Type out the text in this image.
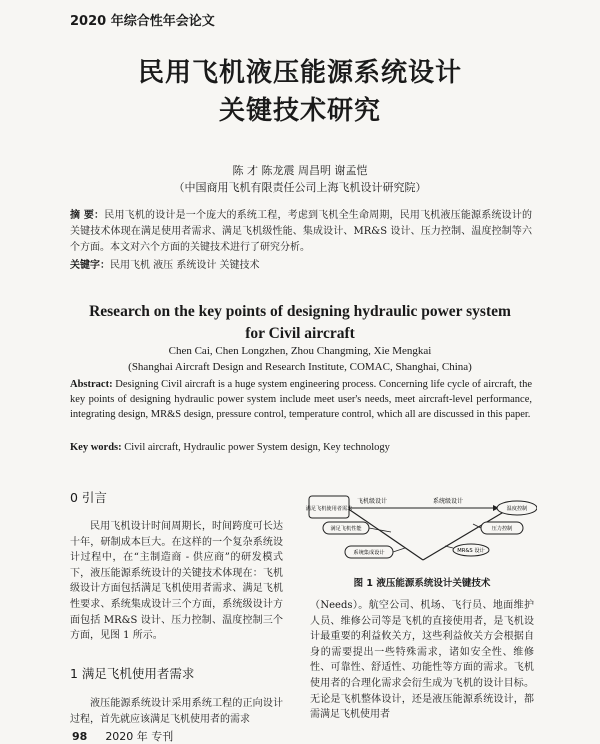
2020 年综合性年会论文
民用飞机液压能源系统设计
关键技术研究
陈 才 陈龙震 周昌明 谢孟恺
（中国商用飞机有限责任公司上海飞机设计研究院）
摘 要：民用飞机的设计是一个庞大的系统工程，考虑到飞机全生命周期，民用飞机液压能源系统设计的关键技术体现在满足使用者需求、满足飞机级性能、集成设计、MR&S 设计、压力控制、温度控制等六个方面。本文对六个方面的关键技术进行了研究分析。
关键字：民用飞机 液压 系统设计 关键技术
Research on the key points of designing hydraulic power system
for Civil aircraft
Chen Cai, Chen Longzhen, Zhou Changming, Xie Mengkai
(Shanghai Aircraft Design and Research Institute, COMAC, Shanghai, China)
Abstract: Designing Civil aircraft is a huge system engineering process. Concerning life cycle of aircraft, the key points of designing hydraulic power system include meet user's needs, meet aircraft-level performance, integrating design, MR&S design, pressure control, temperature control, which all are discussed in this paper.
Key words: Civil aircraft, Hydraulic power System design, Key technology
0 引言
民用飞机设计时间周期长，时间跨度可长达十年，研制成本巨大。在这样的一个复杂系统设计过程中，在“主制造商 - 供应商”的研发模式下，液压能源系统设计的关键技术体现在：飞机级设计方面包括满足飞机使用者需求、满足飞机性要求、系统集成设计三个方面，系统级设计方面包括 MR&S 设计、压力控制、温度控制三个方面，见图 1 所示。
1 满足飞机使用者需求
液压能源系统设计采用系统工程的正向设计过程，首先就应该满足飞机使用者的需求
满足飞机使用者需求
飞机级设计	系统级设计
温度控制
满足飞机性能	压力控制
系统集成设计	MR&S 设计
图 1 液压能源系统设计关键技术
（Needs）。航空公司、机场、飞行员、地面维护人员、维修公司等是飞机的直接使用者，是飞机设计最重要的利益攸关方，这些利益攸关方会根据自身的需要提出一些特殊需求，诸如安全性、维修性、可靠性、舒适性、功能性等方面的需求。飞机使用者的合理化需求会衍生成为飞机的设计目标。无论是飞机整体设计，还是液压能源系统设计，都需满足飞机使用者
98 2020 年 专刊
